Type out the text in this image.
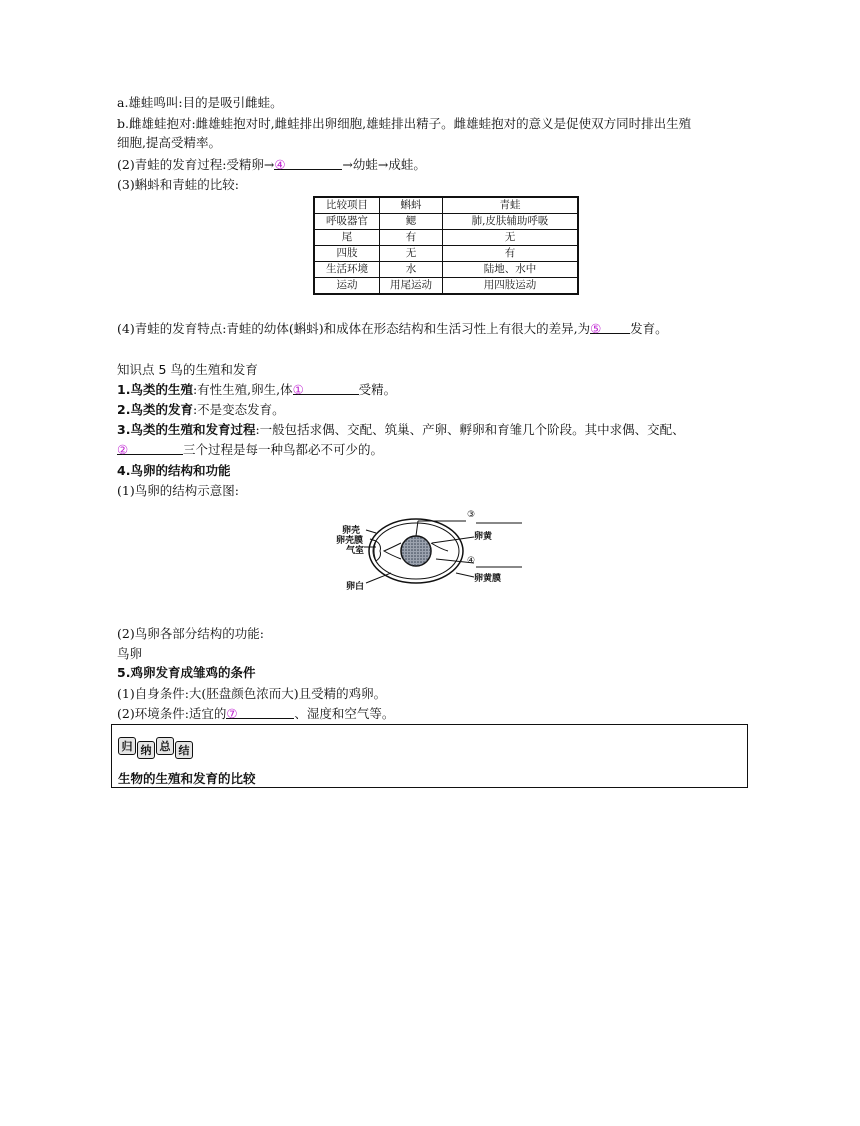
a.雄蛙鸣叫:目的是吸引雌蛙。
b.雌雄蛙抱对:雌雄蛙抱对时,雌蛙排出卵细胞,雄蛙排出精子。雌雄蛙抱对的意义是促使双方同时排出生殖
细胞,提高受精率。
(2)青蛙的发育过程:受精卵→④	→幼蛙→成蛙。
(3)蝌蚪和青蛙的比较:
比较项目	蝌蚪	青蛙
呼吸器官	鳃	肺,皮肤辅助呼吸
尾	有	无
四肢	无	有
生活环境	水	陆地、水中
运动	用尾运动	用四肢运动
(4)青蛙的发育特点:青蛙的幼体(蝌蚪)和成体在形态结构和生活习性上有很大的差异,为⑤ 发育。
知识点 5 鸟的生殖和发育
1.鸟类的生殖:有性生殖,卵生,体①	受精。
2.鸟类的发育:不是变态发育。
3.鸟类的生殖和发育过程:一般包括求偶、交配、筑巢、产卵、孵卵和育雏几个阶段。其中求偶、交配、
②	三个过程是每一种鸟都必不可少的。
4.鸟卵的结构和功能
(1)鸟卵的结构示意图:
卵壳
卵壳膜
气室
卵白
卵黄
卵黄膜
③
④
(2)鸟卵各部分结构的功能:
鸟卵
5.鸡卵发育成雏鸡的条件
(1)自身条件:大(胚盘颜色浓而大)且受精的鸡卵。
(2)环境条件:适宜的⑦	、湿度和空气等。
归 纳 总 结
生物的生殖和发育的比较
